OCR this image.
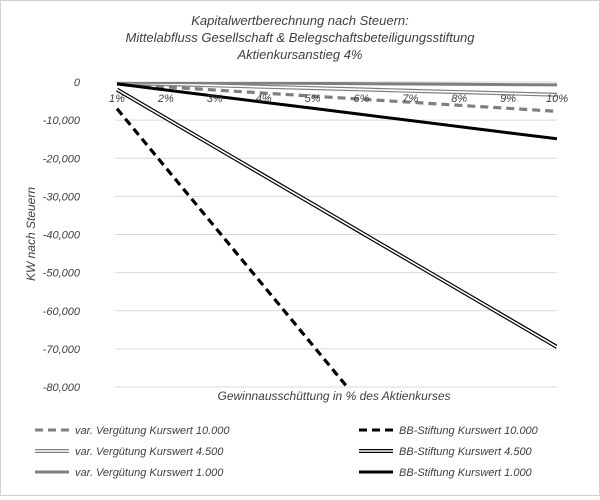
Kapitalwertberechnung nach Steuern:
Mittelabfluss Gesellschaft & Belegschaftsbeteiligungsstiftung
Aktienkursanstieg 4%
0
-10,000
-20,000
-30,000
-40,000
-50,000
-60,000
-70,000
-80,000
1%	2%	3%	4%	5%	6%	7%	8%	9%	10%
KW nach Steuern
Gewinnausschüttung in % des Aktienkurses
var. Vergütung Kurswert 10.000	BB-Stiftung Kurswert 10.000
var. Vergütung Kurswert 4.500	BB-Stiftung Kurswert 4.500
var. Vergütung Kurswert 1.000	BB-Stiftung Kurswert 1.000
